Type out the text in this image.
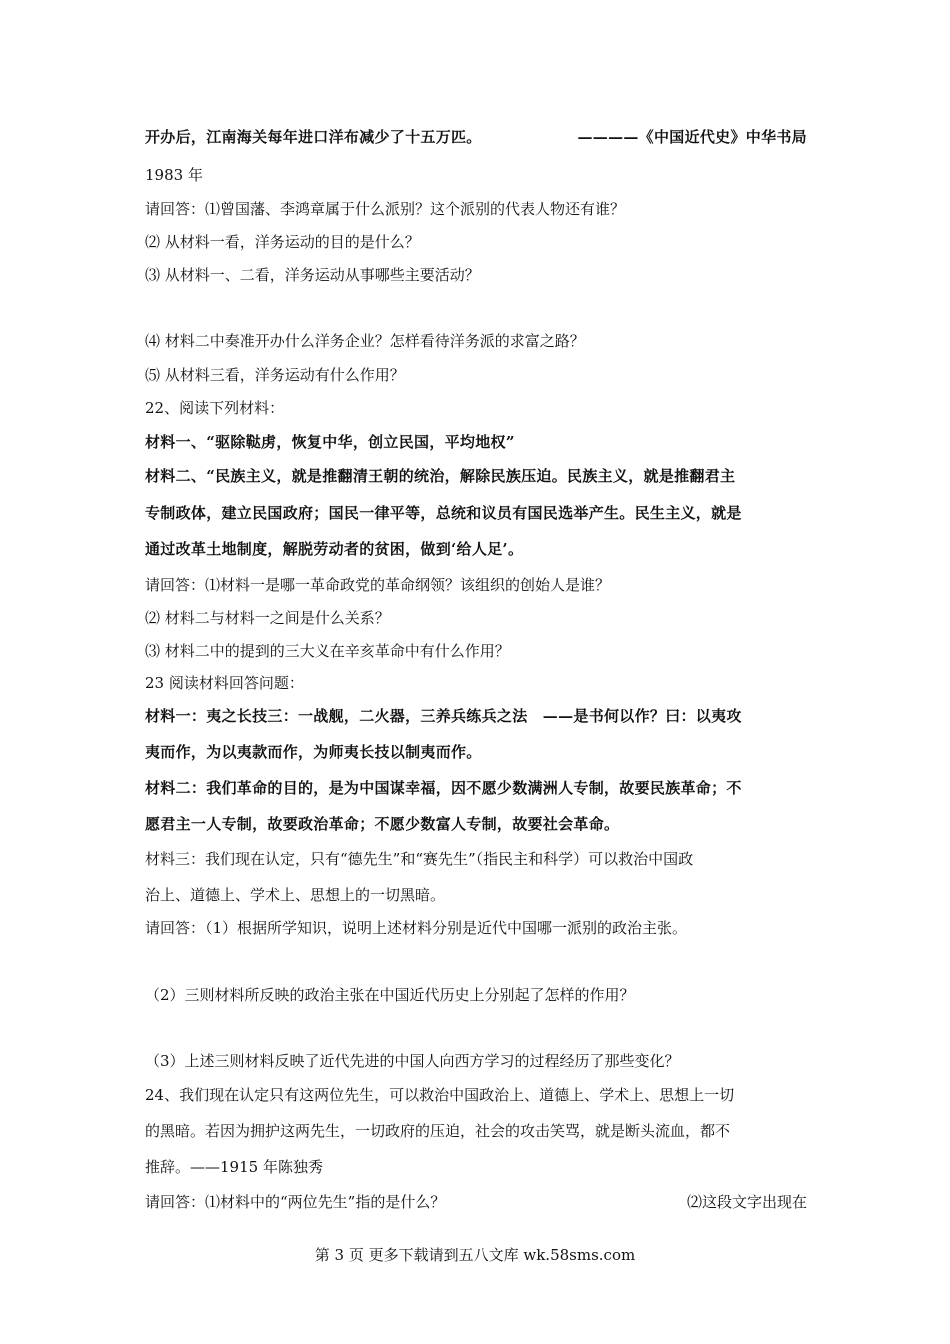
开办后，江南海关每年进口洋布减少了十五万匹。	————《中国近代史》中华书局
1983 年
请回答：⑴曾国藩、李鸿章属于什么派别？这个派别的代表人物还有谁？
⑵ 从材料一看，洋务运动的目的是什么？
⑶ 从材料一、二看，洋务运动从事哪些主要活动？
⑷ 材料二中奏准开办什么洋务企业？怎样看待洋务派的求富之路？
⑸ 从材料三看，洋务运动有什么作用？
22、阅读下列材料：
材料一、“驱除鞑虏，恢复中华，创立民国，平均地权”
材料二、“民族主义，就是推翻清王朝的统治，解除民族压迫。民族主义，就是推翻君主
专制政体，建立民国政府；国民一律平等，总统和议员有国民选举产生。民生主义，就是
通过改革土地制度，解脱劳动者的贫困，做到‘给人足’。
请回答：⑴材料一是哪一革命政党的革命纲领？该组织的创始人是谁？
⑵ 材料二与材料一之间是什么关系？
⑶ 材料二中的提到的三大义在辛亥革命中有什么作用？
23 阅读材料回答问题：
材料一：夷之长技三：一战舰，二火器，三养兵练兵之法　——是书何以作？曰：以夷攻
夷而作，为以夷款而作，为师夷长技以制夷而作。
材料二：我们革命的目的，是为中国谋幸福，因不愿少数满洲人专制，故要民族革命；不
愿君主一人专制，故要政治革命；不愿少数富人专制，故要社会革命。
材料三：我们现在认定，只有“德先生”和“赛先生”（指民主和科学）可以救治中国政
治上、道德上、学术上、思想上的一切黑暗。
请回答：（1）根据所学知识，说明上述材料分别是近代中国哪一派别的政治主张。
（2）三则材料所反映的政治主张在中国近代历史上分别起了怎样的作用？
（3）上述三则材料反映了近代先进的中国人向西方学习的过程经历了那些变化？
24、我们现在认定只有这两位先生，可以救治中国政治上、道德上、学术上、思想上一切
的黑暗。若因为拥护这两先生，一切政府的压迫，社会的攻击笑骂，就是断头流血，都不
推辞。——1915 年陈独秀
请回答：⑴材料中的“两位先生”指的是什么？	⑵这段文字出现在
第 3 页 更多下载请到五八文库 wk.58sms.com
